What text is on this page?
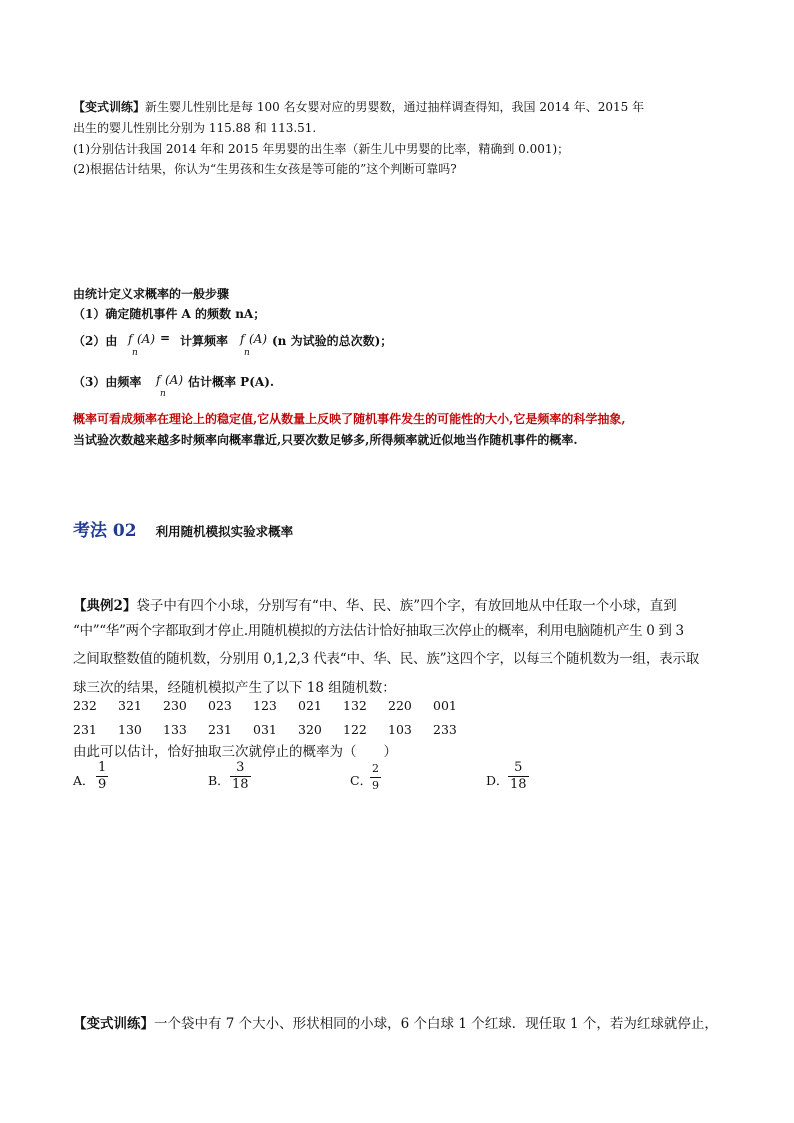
【变式训练】新生婴儿性别比是每 100 名女婴对应的男婴数，通过抽样调查得知，我国 2014 年、2015 年
出生的婴儿性别比分别为 115.88 和 113.51.
(1)分别估计我国 2014 年和 2015 年男婴的出生率（新生儿中男婴的比率，精确到 0.001)；
(2)根据估计结果，你认为“生男孩和生女孩是等可能的”这个判断可靠吗?
由统计定义求概率的一般步骤
（1）确定随机事件 A 的频数 nA；
（2）由 f (A)
n
= 计算频率 f (A)
n
(n 为试验的总次数)；
（3）由频率 f (A)
n
估计概率 P(A).
概率可看成频率在理论上的稳定值,它从数量上反映了随机事件发生的可能性的大小,它是频率的科学抽象,
当试验次数越来越多时频率向概率靠近,只要次数足够多,所得频率就近似地当作随机事件的概率.
考法 02 利用随机模拟实验求概率
【典例2】袋子中有四个小球，分别写有“中、华、民、族”四个字，有放回地从中任取一个小球，直到
“中”“华”两个字都取到才停止.用随机模拟的方法估计恰好抽取三次停止的概率，利用电脑随机产生 0 到 3
之间取整数值的随机数，分别用 0,1,2,3 代表“中、华、民、族”这四个字，以每三个随机数为一组，表示取
球三次的结果，经随机模拟产生了以下 18 组随机数：
232 321 230 023 123 021 132 220 001
231 130 133 231 031 320 122 103 233
由此可以估计，恰好抽取三次就停止的概率为（　　）
A． $\frac{1}{9}$	B． $\frac{3}{18}$	C．
$\frac{2}{9}$	D． $\frac{5}{18}$
【变式训练】一个袋中有 7 个大小、形状相同的小球，6 个白球 1 个红球．现任取 1 个，若为红球就停止，
